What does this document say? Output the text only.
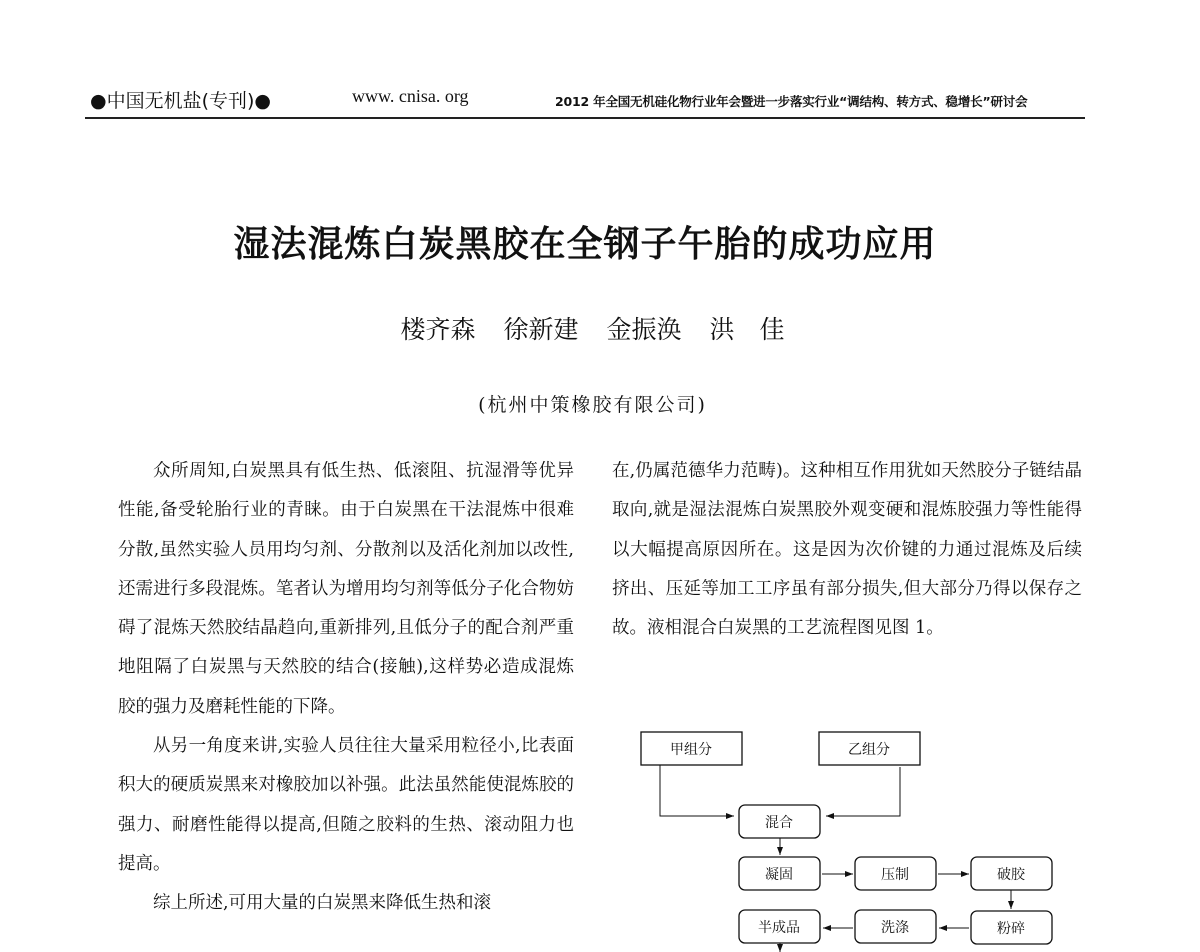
●中国无机盐(专刊)●	www. cnisa. org	2012 年全国无机硅化物行业年会暨进一步落实行业“调结构、转方式、稳增长”研讨会
湿法混炼白炭黑胶在全钢子午胎的成功应用
楼齐森 徐新建 金振涣 洪　佳
(杭州中策橡胶有限公司)

众所周知,白炭黑具有低生热、低滚阻、抗湿滑等优异性能,备受轮胎行业的青睐。由于白炭黑在干法混炼中很难分散,虽然实验人员用均匀剂、分散剂以及活化剂加以改性,还需进行多段混炼。笔者认为增用均匀剂等低分子化合物妨碍了混炼天然胶结晶趋向,重新排列,且低分子的配合剂严重地阻隔了白炭黑与天然胶的结合(接触),这样势必造成混炼胶的强力及磨耗性能的下降。

从另一角度来讲,实验人员往往大量采用粒径小,比表面积大的硬质炭黑来对橡胶加以补强。此法虽然能使混炼胶的强力、耐磨性能得以提高,但随之胶料的生热、滚动阻力也提高。

综上所述,可用大量的白炭黑来降低生热和滚

在,仍属范德华力范畴)。这种相互作用犹如天然胶分子链结晶取向,就是湿法混炼白炭黑胶外观变硬和混炼胶强力等性能得以大幅提高原因所在。这是因为次价键的力通过混炼及后续挤出、压延等加工工序虽有部分损失,但大部分乃得以保存之故。液相混合白炭黑的工艺流程图见图 1。

甲组分	乙组分
混合
凝固	压制	破胶
半成品	洗涤	粉碎
